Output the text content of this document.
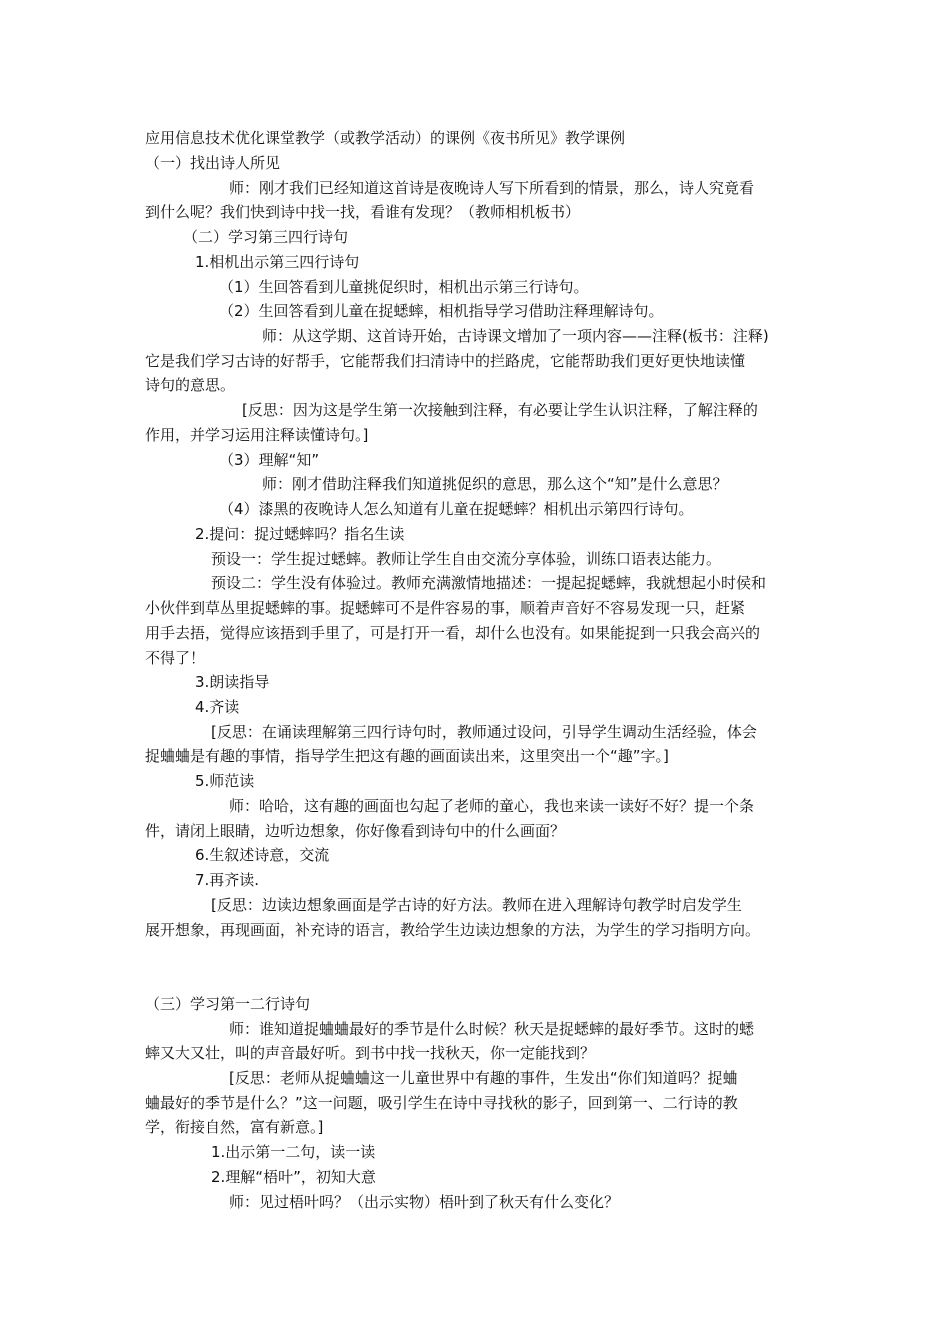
应用信息技术优化课堂教学（或教学活动）的课例《夜书所见》教学课例
（一）找出诗人所见
师：刚才我们已经知道这首诗是夜晚诗人写下所看到的情景，那么，诗人究竟看
到什么呢？我们快到诗中找一找，看谁有发现？（教师相机板书）
（二）学习第三四行诗句
1.相机出示第三四行诗句
（1）生回答看到儿童挑促织时，相机出示第三行诗句。
（2）生回答看到儿童在捉蟋蟀，相机指导学习借助注释理解诗句。
师：从这学期、这首诗开始，古诗课文增加了一项内容——注释(板书：注释)
它是我们学习古诗的好帮手，它能帮我们扫清诗中的拦路虎，它能帮助我们更好更快地读懂
诗句的意思。
[反思：因为这是学生第一次接触到注释，有必要让学生认识注释，了解注释的
作用，并学习运用注释读懂诗句。]
（3）理解“知”
师：刚才借助注释我们知道挑促织的意思，那么这个“知”是什么意思？
（4）漆黑的夜晚诗人怎么知道有儿童在捉蟋蟀？相机出示第四行诗句。
2.提问：捉过蟋蟀吗？指名生读
预设一：学生捉过蟋蟀。教师让学生自由交流分享体验，训练口语表达能力。
预设二：学生没有体验过。教师充满激情地描述：一提起捉蟋蟀，我就想起小时侯和
小伙伴到草丛里捉蟋蟀的事。捉蟋蟀可不是件容易的事，顺着声音好不容易发现一只，赶紧
用手去捂，觉得应该捂到手里了，可是打开一看，却什么也没有。如果能捉到一只我会高兴的
不得了！
3.朗读指导
4.齐读
[反思：在诵读理解第三四行诗句时，教师通过设问，引导学生调动生活经验，体会
捉蛐蛐是有趣的事情，指导学生把这有趣的画面读出来，这里突出一个“趣”字。]
5.师范读
师：哈哈，这有趣的画面也勾起了老师的童心，我也来读一读好不好？提一个条
件，请闭上眼睛，边听边想象，你好像看到诗句中的什么画面？
6.生叙述诗意，交流
7.再齐读.
[反思：边读边想象画面是学古诗的好方法。教师在进入理解诗句教学时启发学生
展开想象，再现画面，补充诗的语言，教给学生边读边想象的方法，为学生的学习指明方向。
（三）学习第一二行诗句
师：谁知道捉蛐蛐最好的季节是什么时候？秋天是捉蟋蟀的最好季节。这时的蟋
蟀又大又壮，叫的声音最好听。到书中找一找秋天，你一定能找到？
[反思：老师从捉蛐蛐这一儿童世界中有趣的事件，生发出“你们知道吗？捉蛐
蛐最好的季节是什么？”这一问题，吸引学生在诗中寻找秋的影子，回到第一、二行诗的教
学，衔接自然，富有新意。]
1.出示第一二句，读一读
2.理解“梧叶”，初知大意
师：见过梧叶吗？（出示实物）梧叶到了秋天有什么变化？
